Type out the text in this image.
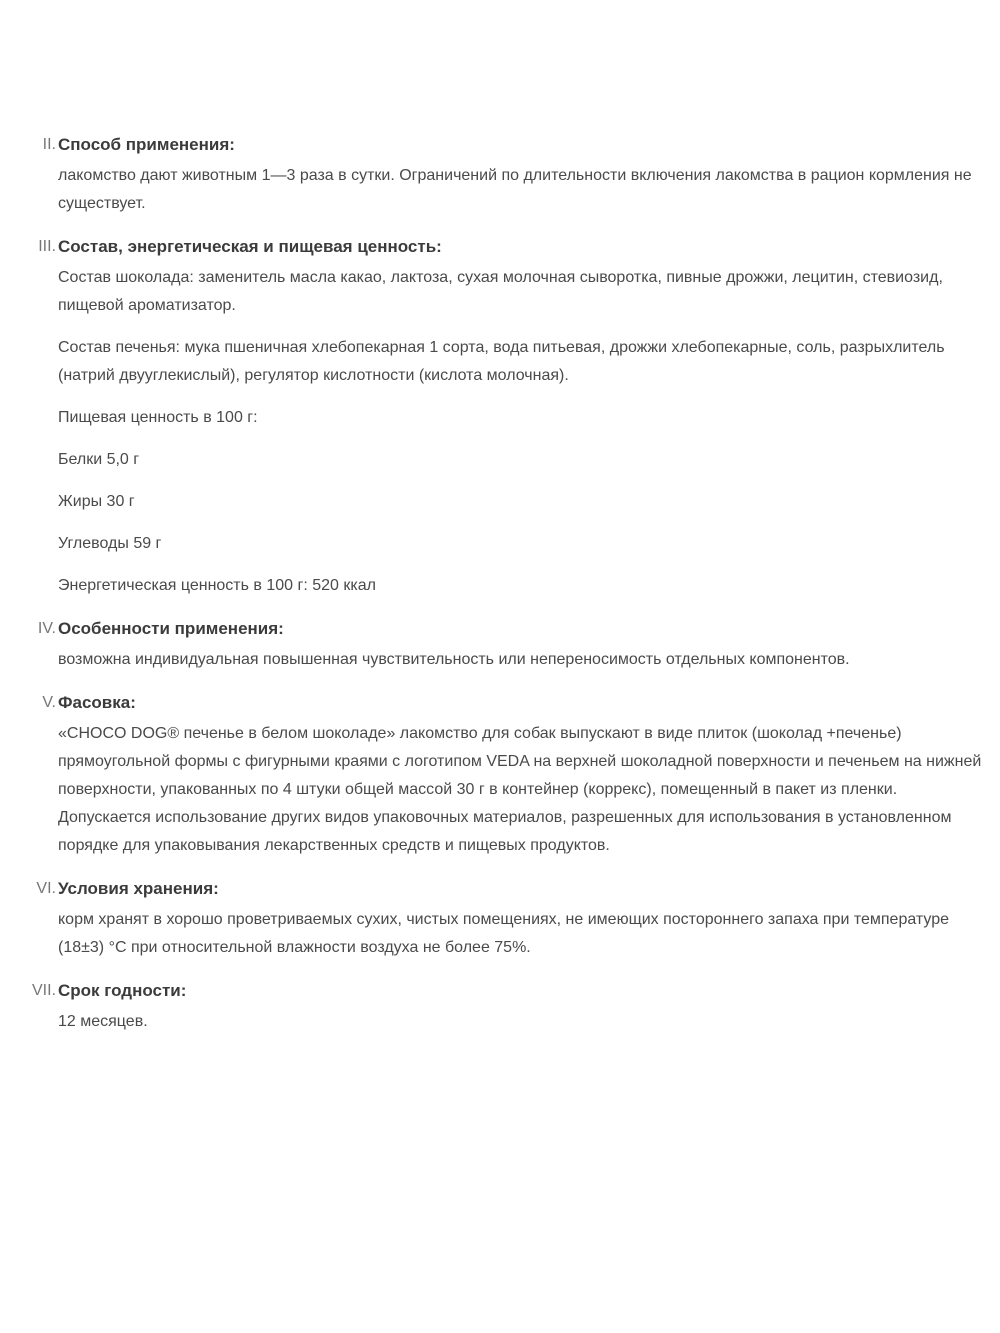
II . Способ применения:

лакомство дают животным 1—3 раза в сутки. Ограничений по длительности включения лакомства в рацион кормления не существует.

III . Состав, энергетическая и пищевая ценность:

Состав шоколада: заменитель масла какао, лактоза, сухая молочная сыворотка, пивные дрожжи, лецитин, стевиозид, пищевой ароматизатор.

Состав печенья: мука пшеничная хлебопекарная 1 сорта, вода питьевая, дрожжи хлебопекарные, соль, разрыхлитель (натрий двууглекислый), регулятор кислотности (кислота молочная).

Пищевая ценность в 100 г:

Белки 5,0 г

Жиры 30 г

Углеводы 59 г

Энергетическая ценность в 100 г: 520 ккал

IV . Особенности применения:

возможна индивидуальная повышенная чувствительность или непереносимость отдельных компонентов.

V . Фасовка:

«CHOCO DOG® печенье в белом шоколаде» лакомство для собак выпускают в виде плиток (шоколад +печенье) прямоугольной формы с фигурными краями с логотипом VEDA на верхней шоколадной поверхности и печеньем на нижней поверхности, упакованных по 4 штуки общей массой 30 г в контейнер (коррекс), помещенный в пакет из пленки. Допускается использование других видов упаковочных материалов, разрешенных для использования в установленном порядке для упаковывания лекарственных средств и пищевых продуктов.

VI . Условия хранения:

корм хранят в хорошо проветриваемых сухих, чистых помещениях, не имеющих постороннего запаха при температуре (18±3) °С при относительной влажности воздуха не более 75%.

VII . Срок годности:

12 месяцев.
